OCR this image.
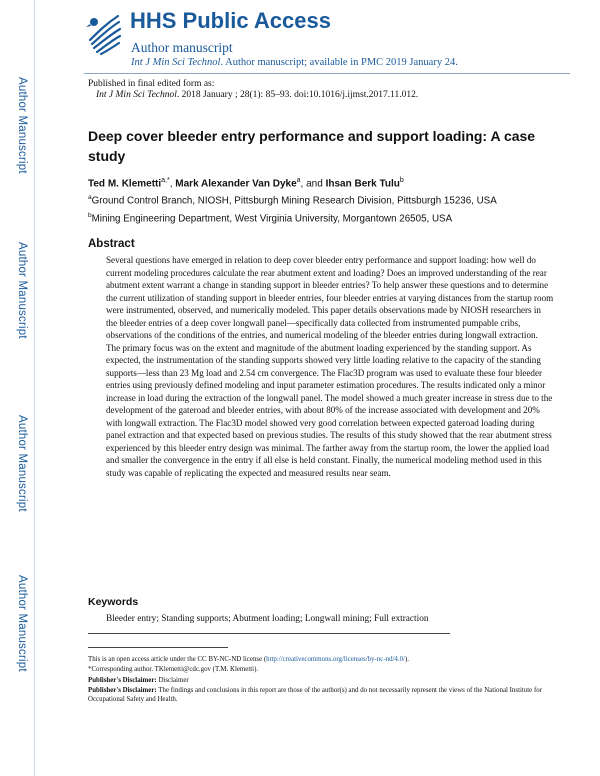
Author Manuscript
Author Manuscript
Author Manuscript
Author Manuscript
HHS Public Access
Author manuscript
Int J Min Sci Technol. Author manuscript; available in PMC 2019 January 24.
Published in final edited form as:
Int J Min Sci Technol. 2018 January ; 28(1): 85–93. doi:10.1016/j.ijmst.2017.11.012.
Deep cover bleeder entry performance and support loading: A case study
Ted M. Klemetti$^{a,*}$, Mark Alexander Van Dyke$^a$, and Ihsan Berk Tulu$^b$
$^a$Ground Control Branch, NIOSH, Pittsburgh Mining Research Division, Pittsburgh 15236, USA
$^b$Mining Engineering Department, West Virginia University, Morgantown 26505, USA
Abstract
Several questions have emerged in relation to deep cover bleeder entry performance and support loading: how well do current modeling procedures calculate the rear abutment extent and loading? Does an improved understanding of the rear abutment extent warrant a change in standing support in bleeder entries? To help answer these questions and to determine the current utilization of standing support in bleeder entries, four bleeder entries at varying distances from the startup room were instrumented, observed, and numerically modeled. This paper details observations made by NIOSH researchers in the bleeder entries of a deep cover longwall panel—specifically data collected from instrumented pumpable cribs, observations of the conditions of the entries, and numerical modeling of the bleeder entries during longwall extraction. The primary focus was on the extent and magnitude of the abutment loading experienced by the standing support. As expected, the instrumentation of the standing supports showed very little loading relative to the capacity of the standing supports—less than 23 Mg load and 2.54 cm convergence. The Flac3D program was used to evaluate these four bleeder entries using previously defined modeling and input parameter estimation procedures. The results indicated only a minor increase in load during the extraction of the longwall panel. The model showed a much greater increase in stress due to the development of the gateroad and bleeder entries, with about 80% of the increase associated with development and 20% with longwall extraction. The Flac3D model showed very good correlation between expected gateroad loading during panel extraction and that expected based on previous studies. The results of this study showed that the rear abutment stress experienced by this bleeder entry design was minimal. The farther away from the startup room, the lower the applied load and smaller the convergence in the entry if all else is held constant. Finally, the numerical modeling method used in this study was capable of replicating the expected and measured results near seam.
Keywords
Bleeder entry; Standing supports; Abutment loading; Longwall mining; Full extraction
This is an open access article under the CC BY-NC-ND license (http://creativecommons.org/licenses/by-nc-nd/4.0/).
*Corresponding author. TKlemetti@cdc.gov (T.M. Klemetti).
Publisher's Disclaimer: Disclaimer
Publisher's Disclaimer: The findings and conclusions in this report are those of the author(s) and do not necessarily represent the views of the National Institute for Occupational Safety and Health.
